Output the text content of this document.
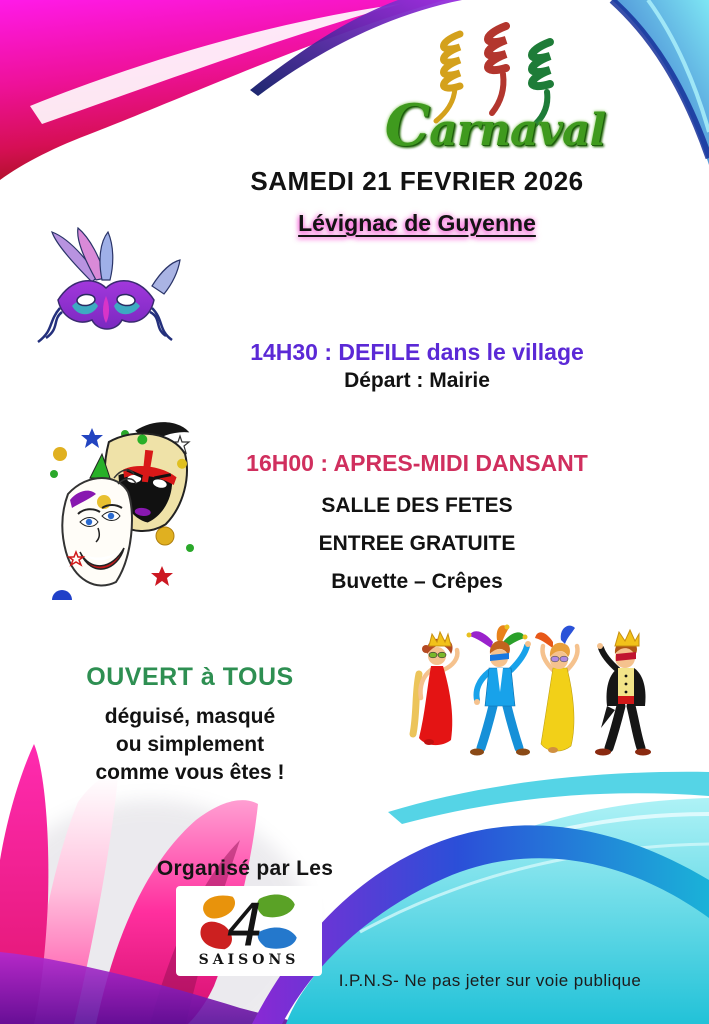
Carnaval
SAMEDI 21 FEVRIER 2026
Lévignac de Guyenne
14H30 : DEFILE dans le village
Départ : Mairie
16H00 : APRES-MIDI DANSANT
SALLE DES FETES
ENTREE GRATUITE
Buvette – Crêpes
OUVERT à TOUS
déguisé, masqué
ou simplement
comme vous êtes !
Organisé par Les
4
SAISONS
I.P.N.S- Ne pas jeter sur voie publique
